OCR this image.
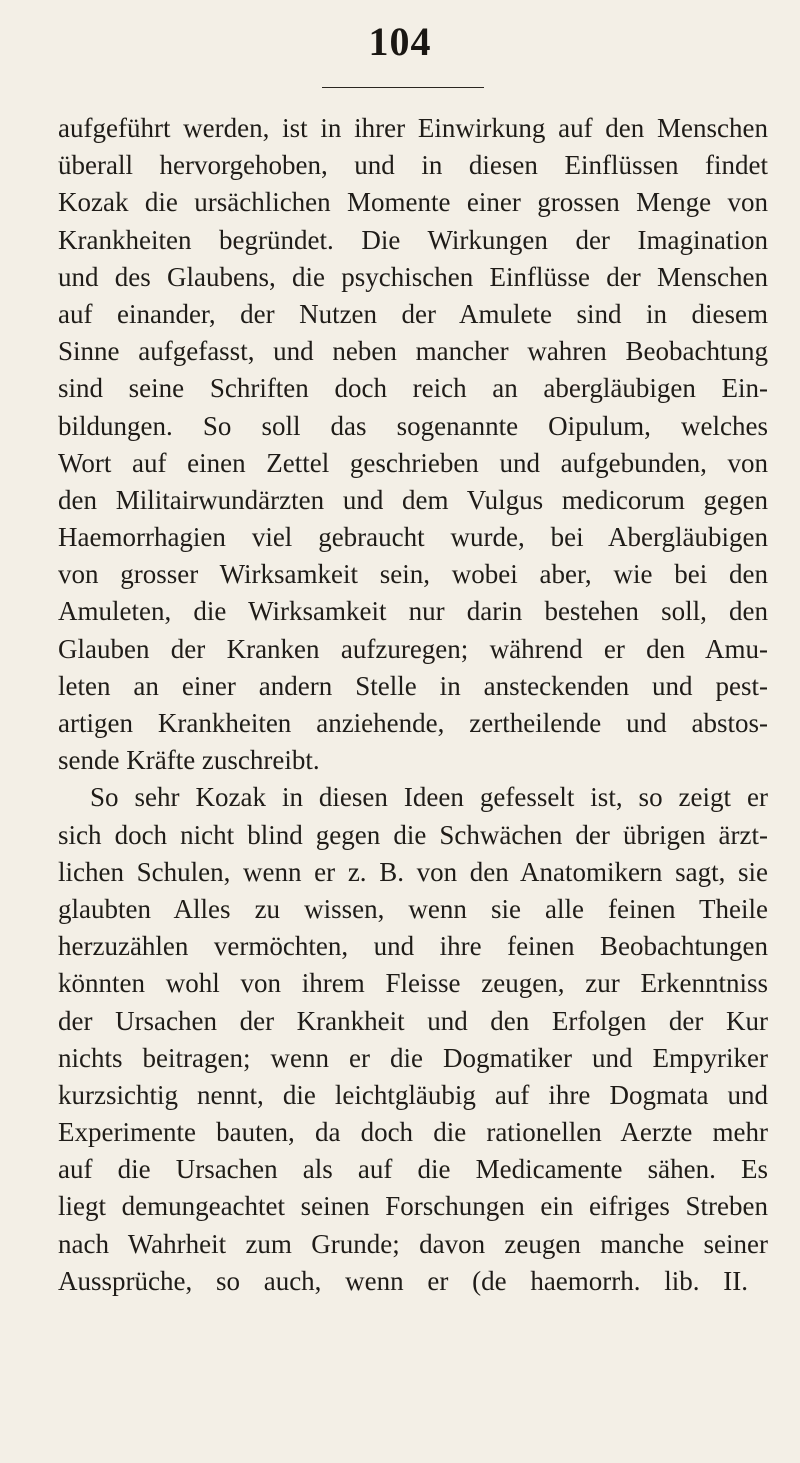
104
aufgeführt werden, ist in ihrer Einwirkung auf den Menschen
überall hervorgehoben, und in diesen Einflüssen findet
Kozak die ursächlichen Momente einer grossen Menge von
Krankheiten begründet. Die Wirkungen der Imagination
und des Glaubens, die psychischen Einflüsse der Menschen
auf einander, der Nutzen der Amulete sind in diesem
Sinne aufgefasst, und neben mancher wahren Beobachtung
sind seine Schriften doch reich an abergläubigen Ein-
bildungen. So soll das sogenannte Oipulum, welches
Wort auf einen Zettel geschrieben und aufgebunden, von
den Militairwundärzten und dem Vulgus medicorum gegen
Haemorrhagien viel gebraucht wurde, bei Abergläubigen
von grosser Wirksamkeit sein, wobei aber, wie bei den
Amuleten, die Wirksamkeit nur darin bestehen soll, den
Glauben der Kranken aufzuregen; während er den Amu-
leten an einer andern Stelle in ansteckenden und pest-
artigen Krankheiten anziehende, zertheilende und abstos-
sende Kräfte zuschreibt.
So sehr Kozak in diesen Ideen gefesselt ist, so zeigt er
sich doch nicht blind gegen die Schwächen der übrigen ärzt-
lichen Schulen, wenn er z. B. von den Anatomikern sagt, sie
glaubten Alles zu wissen, wenn sie alle feinen Theile
herzuzählen vermöchten, und ihre feinen Beobachtungen
könnten wohl von ihrem Fleisse zeugen, zur Erkenntniss
der Ursachen der Krankheit und den Erfolgen der Kur
nichts beitragen; wenn er die Dogmatiker und Empyriker
kurzsichtig nennt, die leichtgläubig auf ihre Dogmata und
Experimente bauten, da doch die rationellen Aerzte mehr
auf die Ursachen als auf die Medicamente sähen. Es
liegt demungeachtet seinen Forschungen ein eifriges Streben
nach Wahrheit zum Grunde; davon zeugen manche seiner
Aussprüche, so auch, wenn er (de haemorrh. lib. II.
